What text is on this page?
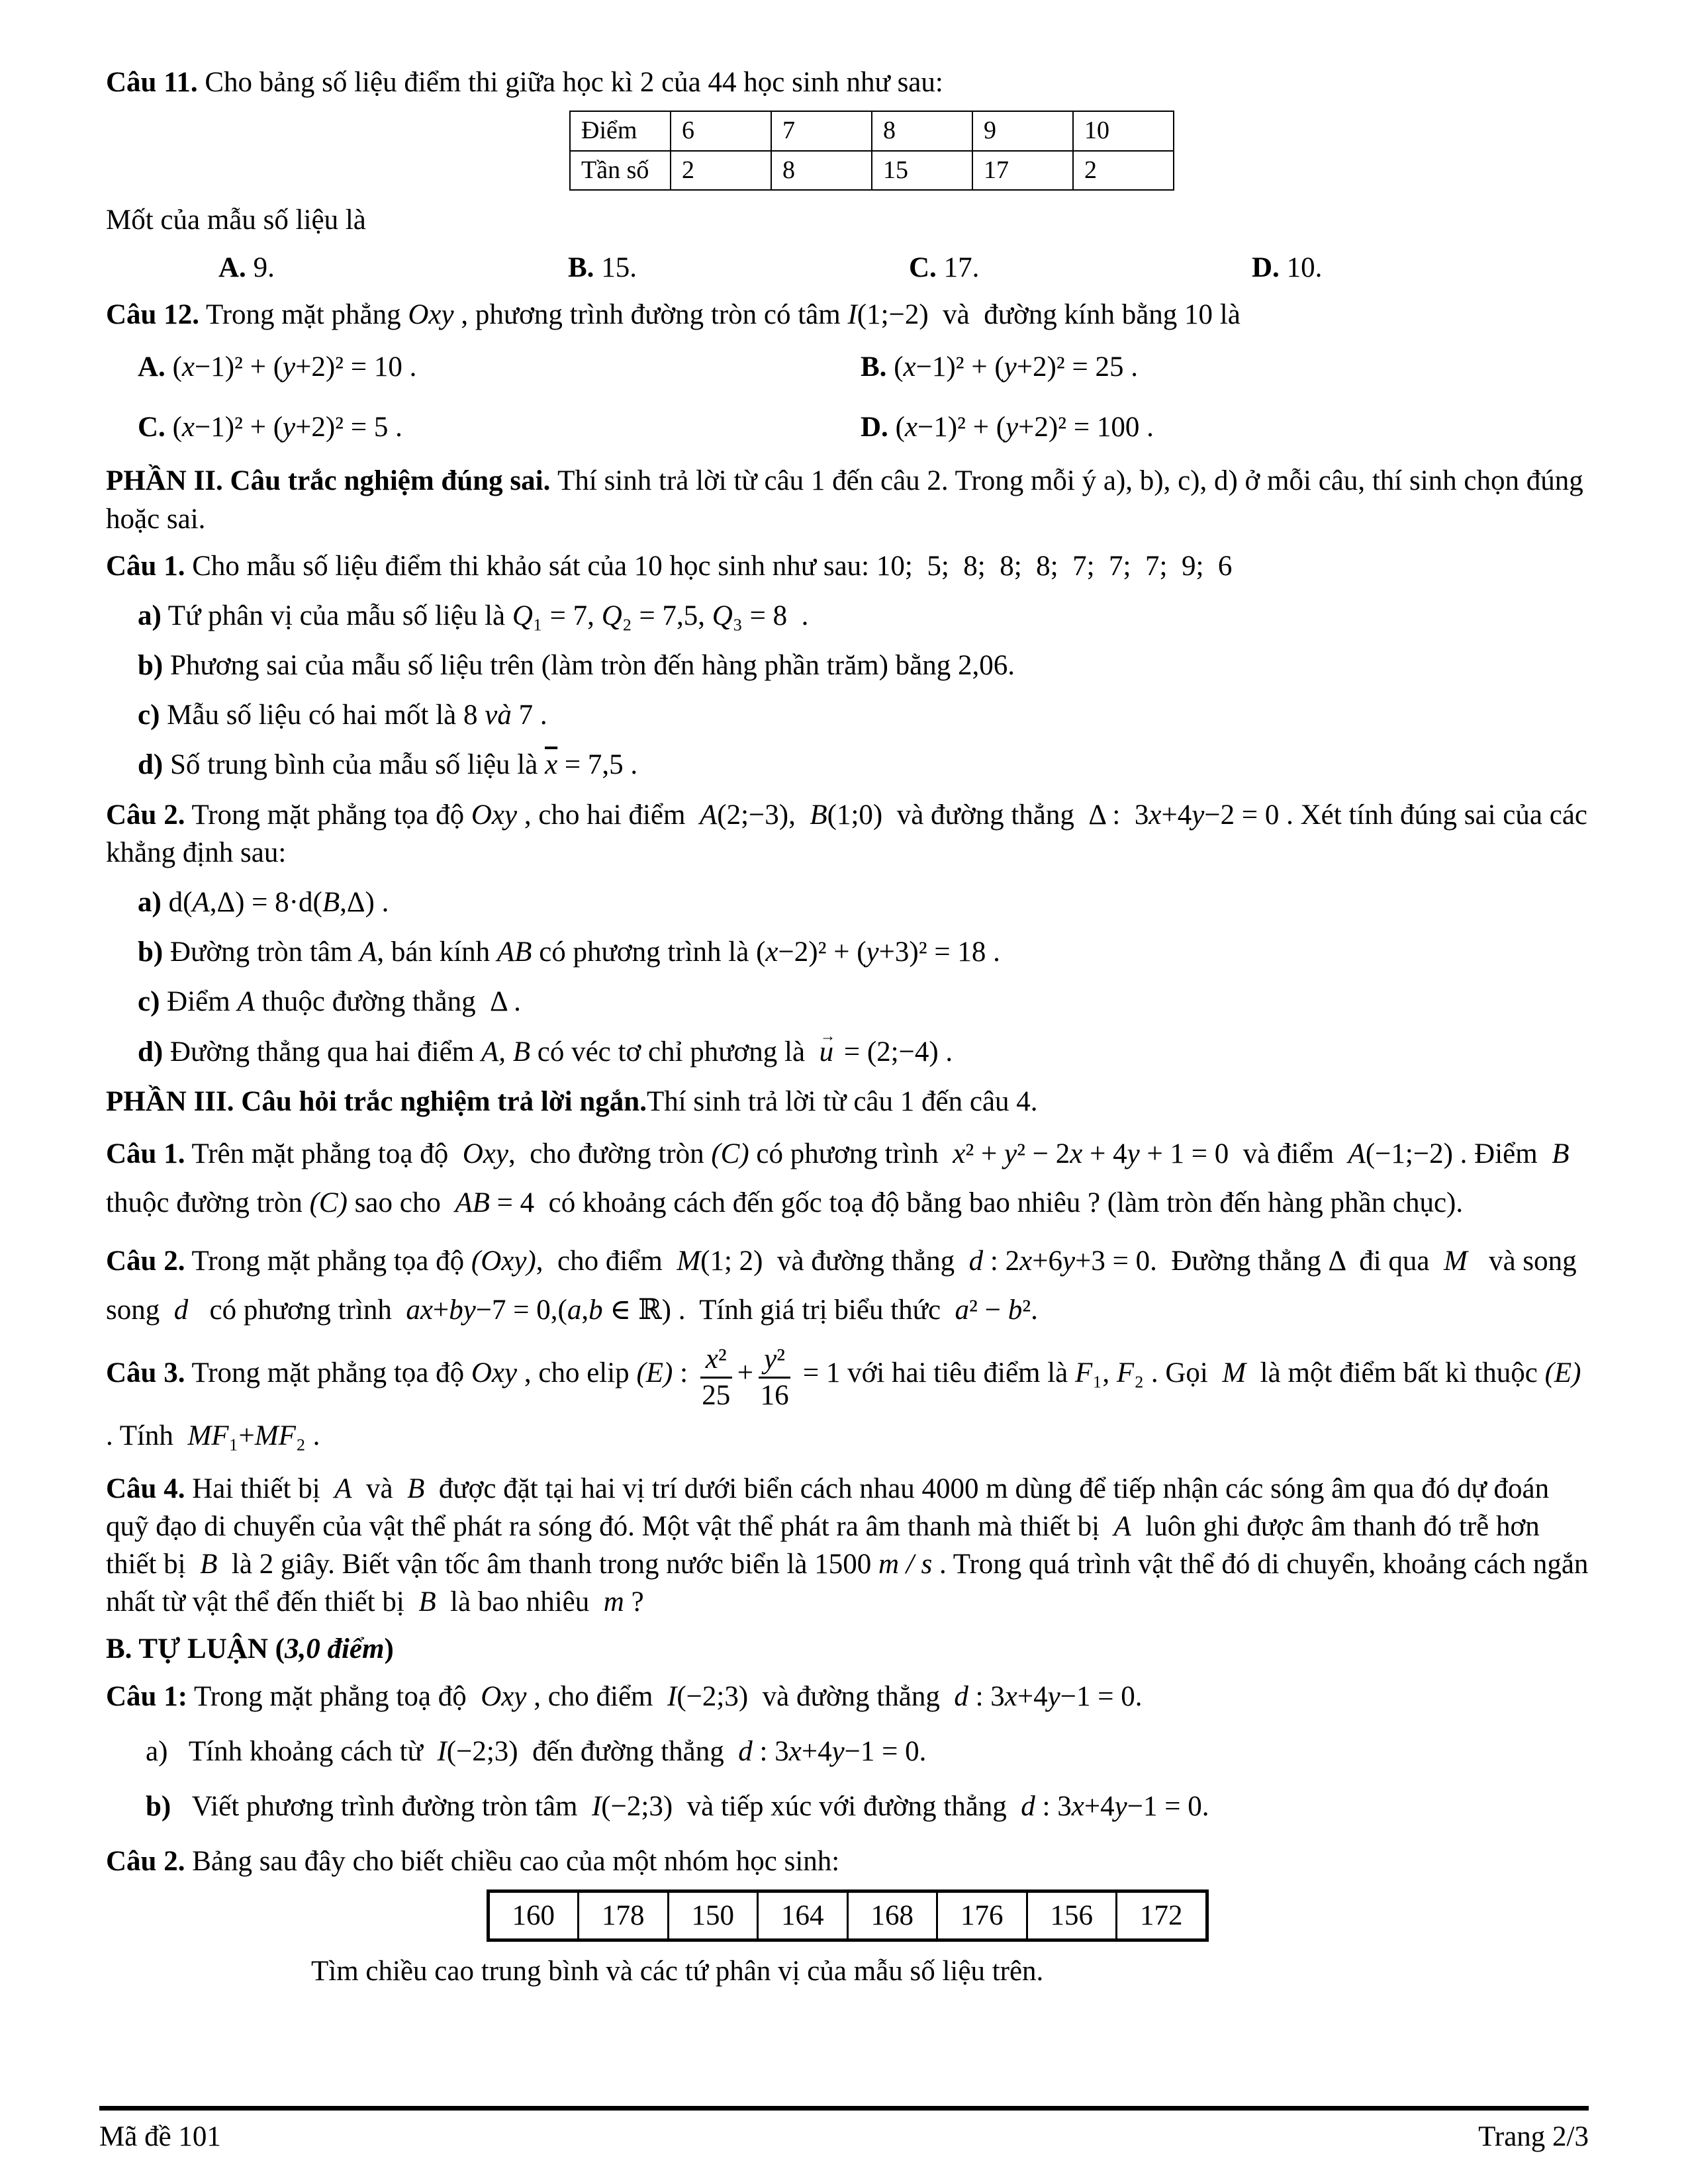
Câu 11. Cho bảng số liệu điểm thi giữa học kì 2 của 44 học sinh như sau:

Điểm	6	7	8	9	10
Tần số	2	8	15	17	2

Mốt của mẫu số liệu là

A. 9.	B. 15.	C. 17.	D. 10.

Câu 12. Trong mặt phẳng Oxy , phương trình đường tròn có tâm I(1;−2)  và  đường kính bằng 10 là

A. (x−1)² + (y+2)² = 10 .	B. (x−1)² + (y+2)² = 25 .
C. (x−1)² + (y+2)² = 5 .	D. (x−1)² + (y+2)² = 100 .

PHẦN II. Câu trắc nghiệm đúng sai. Thí sinh trả lời từ câu 1 đến câu 2. Trong mỗi ý a), b), c), d) ở mỗi câu, thí sinh chọn đúng hoặc sai.

Câu 1. Cho mẫu số liệu điểm thi khảo sát của 10 học sinh như sau: 10;  5;  8;  8;  8;  7;  7;  7;  9;  6

a) Tứ phân vị của mẫu số liệu là Q₁ = 7, Q₂ = 7,5, Q₃ = 8  .

b) Phương sai của mẫu số liệu trên (làm tròn đến hàng phần trăm) bằng 2,06.

c) Mẫu số liệu có hai mốt là 8 và 7 .

d) Số trung bình của mẫu số liệu là $\overline{x} = 7,5$ .

Câu 2. Trong mặt phẳng tọa độ Oxy , cho hai điểm  A(2;−3),  B(1;0)  và đường thẳng  Δ :  3x+4y−2 = 0 . Xét tính đúng sai của các khẳng định sau:

a) d(A,Δ) = 8·d(B,Δ) .

b) Đường tròn tâm A, bán kính AB có phương trình là (x−2)² + (y+3)² = 18 .

c) Điểm A thuộc đường thẳng  Δ .

d) Đường thẳng qua hai điểm A, B có véc tơ chỉ phương là  u → = (2;−4) .

PHẦN III. Câu hỏi trắc nghiệm trả lời ngắn.Thí sinh trả lời từ câu 1 đến câu 4.

Câu 1. Trên mặt phẳng toạ độ  Oxy,  cho đường tròn (C) có phương trình  x² + y² − 2x + 4y + 1 = 0  và điểm  A(−1;−2) . Điểm  B  thuộc đường tròn (C) sao cho  AB = 4  có khoảng cách đến gốc toạ độ bằng bao nhiêu ? (làm tròn đến hàng phần chục).

Câu 2. Trong mặt phẳng tọa độ (Oxy),  cho điểm  M(1; 2)  và đường thẳng  d : 2x+6y+3 = 0.  Đường thẳng Δ  đi qua  M   và song song  d   có phương trình  ax+by−7 = 0,(a,b ∈ ℝ) .  Tính giá trị biểu thức  a² − b².

Câu 3. Trong mặt phẳng tọa độ Oxy , cho elip (E) : $\frac{\text{x²}}{25} + \frac{\text{y²}}{16} = 1$ với hai tiêu điểm là F₁, F₂ . Gọi  M  là một điểm bất kì thuộc (E) . Tính  MF₁+MF₂ .

Câu 4. Hai thiết bị  A  và  B  được đặt tại hai vị trí dưới biển cách nhau 4000 m dùng để tiếp nhận các sóng âm qua đó dự đoán quỹ đạo di chuyển của vật thể phát ra sóng đó. Một vật thể phát ra âm thanh mà thiết bị  A  luôn ghi được âm thanh đó trễ hơn thiết bị  B  là 2 giây. Biết vận tốc âm thanh trong nước biển là 1500 m / s . Trong quá trình vật thể đó di chuyển, khoảng cách ngắn nhất từ vật thể đến thiết bị  B  là bao nhiêu  m ?

B. TỰ LUẬN (3,0 điểm)

Câu 1: Trong mặt phẳng toạ độ  Oxy , cho điểm  I(−2;3)  và đường thẳng  d : 3x+4y−1 = 0.

a)   Tính khoảng cách từ  I(−2;3)  đến đường thẳng  d : 3x+4y−1 = 0.

b)   Viết phương trình đường tròn tâm  I(−2;3)  và tiếp xúc với đường thẳng  d : 3x+4y−1 = 0.

Câu 2. Bảng sau đây cho biết chiều cao của một nhóm học sinh:

160	178	150	164	168	176	156	172

Tìm chiều cao trung bình và các tứ phân vị của mẫu số liệu trên.

Mã đề 101	Trang 2/3
